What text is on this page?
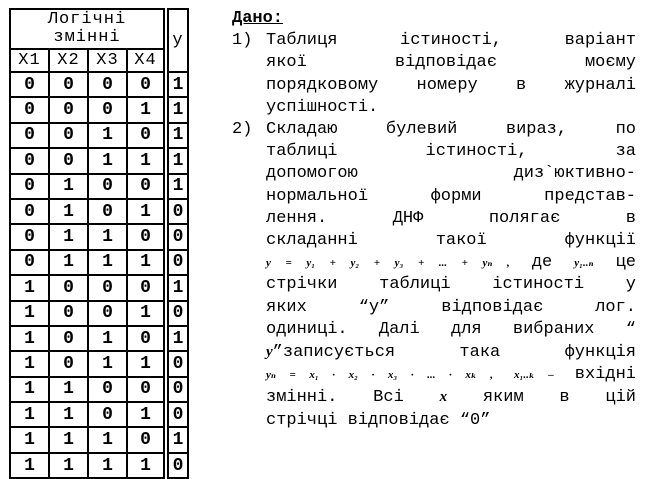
Логічні
змінні				y
X1	X2	X3	X4	
0	0	0	0	1
0	0	0	1	1
0	0	1	0	1
0	0	1	1	1
0	1	0	0	1
0	1	0	1	0
0	1	1	0	0
0	1	1	1	0
1	0	0	0	1
1	0	0	1	0
1	0	1	0	1
1	0	1	1	0
1	1	0	0	0
1	1	0	1	0
1	1	1	0	1
1	1	1	1	0
Дано:
1) Таблиця істиності, варіант
якої відповідає моєму
порядковому номеру в журналі
успішності.
2) Складаю булевий вираз, по
таблиці істиності, за
допомогою диз`юктивно-
нормальної форми представ-
лення. ДНФ полягає в
складанні такої функції
y = y₁ + y₂ + y₃ + ... + yₙ , де y₁..ₙ це
стрічки таблиці істиності у
яких “y” відповідає лог.
одиниці. Далі для вибраних “
y”записується така функція
yₙ = x₁ · x₂ · x₃ · ... · xₖ , x₁..ₖ – вхідні
змінні. Всі x яким в цій
стрічці відповідає “0”
